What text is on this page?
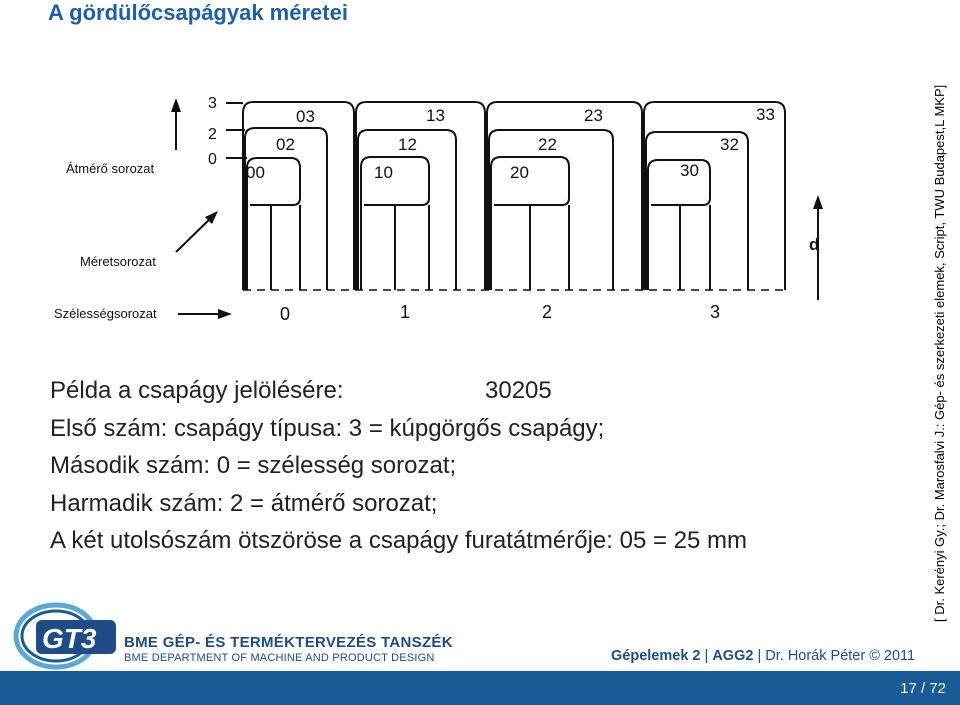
A gördülőcsapágyak méretei
Átmérő sorozat
Méretsorozat
Szélességsorozat
3
2
0
00
02
03
10
12
13
20
22
23
30
32
33
0	1	2	3
d
Példa a csapágy jelölésére:	30205
Első szám: csapágy típusa: 3 = kúpgörgős csapágy;
Második szám: 0 = szélesség sorozat;
Harmadik szám: 2 = átmérő sorozat;
A két utolsószám ötszöröse a csapágy furatátmérője: 05 = 25 mm	[ Dr. Kerényi Gy.; Dr. Marosfalvi J.: Gép- és szerkezeti elemek, Script, TWU Budapest,L MKP]
GT3 BME GÉP- ÉS TERMÉKTERVEZÉS TANSZÉK
BME DEPARTMENT OF MACHINE AND PRODUCT DESIGN	Gépelemek 2 | AGG2 | Dr. Horák Péter © 2011
17 / 72
